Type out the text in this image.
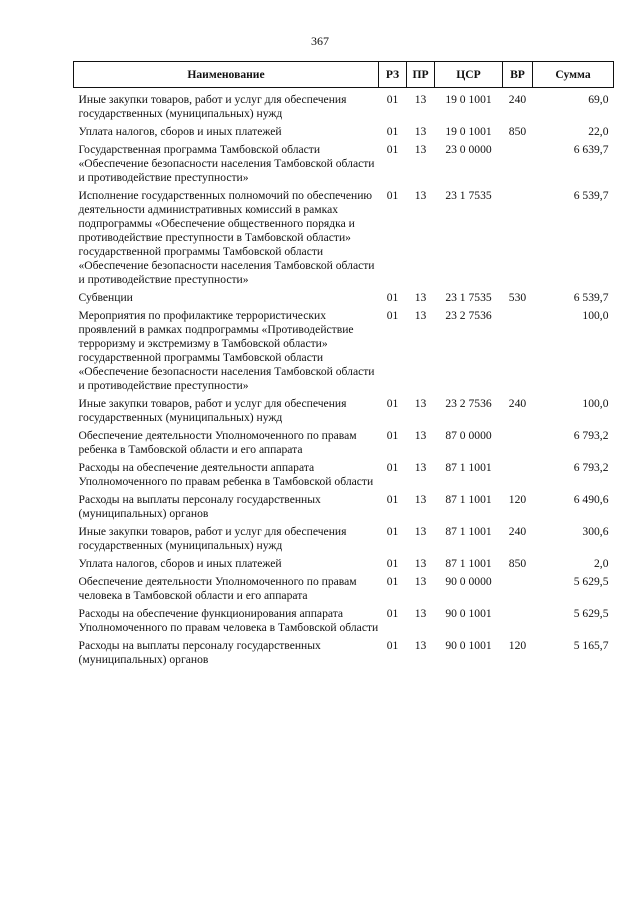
367
Наименование	РЗ	ПР	ЦСР	ВР	Сумма
Иные закупки товаров, работ и услуг для обеспечения государственных (муниципальных) нужд	01	13	19 0 1001	240	69,0
Уплата налогов, сборов и иных платежей	01	13	19 0 1001	850	22,0
Государственная программа Тамбовской области «Обеспечение безопасности населения Тамбовской области и противодействие преступности»	01	13	23 0 0000		6 639,7
Исполнение государственных полномочий по обеспечению деятельности административных комиссий в рамках подпрограммы «Обеспечение общественного порядка и противодействие преступности в Тамбовской области» государственной программы Тамбовской области «Обеспечение безопасности населения Тамбовской области и противодействие преступности»	01	13	23 1 7535		6 539,7
Субвенции	01	13	23 1 7535	530	6 539,7
Мероприятия по профилактике террористических проявлений в рамках подпрограммы «Противодействие терроризму и экстремизму в Тамбовской области» государственной программы Тамбовской области «Обеспечение безопасности населения Тамбовской области и противодействие преступности»	01	13	23 2 7536		100,0
Иные закупки товаров, работ и услуг для обеспечения государственных (муниципальных) нужд	01	13	23 2 7536	240	100,0
Обеспечение деятельности Уполномоченного по правам ребенка в Тамбовской области и его аппарата	01	13	87 0 0000		6 793,2
Расходы на обеспечение деятельности аппарата Уполномоченного по правам ребенка в Тамбовской области	01	13	87 1 1001		6 793,2
Расходы на выплаты персоналу государственных (муниципальных) органов	01	13	87 1 1001	120	6 490,6
Иные закупки товаров, работ и услуг для обеспечения государственных (муниципальных) нужд	01	13	87 1 1001	240	300,6
Уплата налогов, сборов и иных платежей	01	13	87 1 1001	850	2,0
Обеспечение деятельности Уполномоченного по правам человека в Тамбовской области и его аппарата	01	13	90 0 0000		5 629,5
Расходы на обеспечение функционирования аппарата Уполномоченного по правам человека в Тамбовской области	01	13	90 0 1001		5 629,5
Расходы на выплаты персоналу государственных (муниципальных) органов	01	13	90 0 1001	120	5 165,7
